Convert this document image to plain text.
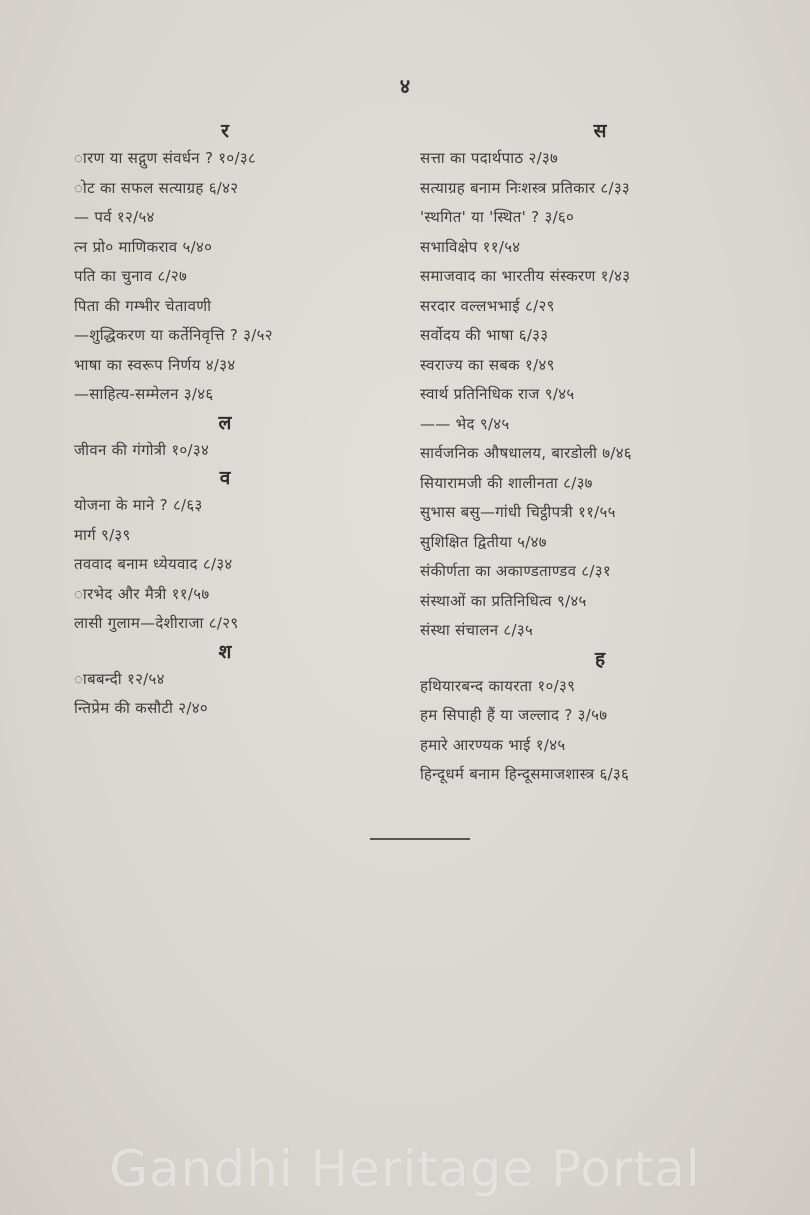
४
र
ारण या सद्गुण संवर्धन ? १०/३८
ोट का सफल सत्याग्रह ६/४२
— पर्व १२/५४
त्न प्रो० माणिकराव ५/४०
पति का चुनाव ८/२७
पिता की गम्भीर चेतावणी
—शुद्धिकरण या कर्तेनिवृत्ति ? ३/५२
भाषा का स्वरूप निर्णय ४/३४
—साहित्य-सम्मेलन ३/४६
ल
जीवन की गंगोत्री १०/३४
व
योजना के माने ? ८/६३
मार्ग ९/३९
तववाद बनाम ध्येयवाद ८/३४
ारभेद और मैत्री ११/५७
लासी गुलाम—देशीराजा ८/२९
श
ाबबन्दी १२/५४
न्तिप्रेम की कसौटी २/४०
स
सत्ता का पदार्थपाठ २/३७
सत्याग्रह बनाम निःशस्त्र प्रतिकार ८/३३
'स्थगित' या 'स्थित' ? ३/६०
सभाविक्षेप ११/५४
समाजवाद का भारतीय संस्करण १/४३
सरदार वल्लभभाई ८/२९
सर्वोदय की भाषा ६/३३
स्वराज्य का सबक १/४९
स्वार्थ प्रतिनिधिक राज ९/४५
—— भेद ९/४५
सार्वजनिक औषधालय, बारडोली ७/४६
सियारामजी की शालीनता ८/३७
सुभास बसु—गांधी चिट्ठीपत्री ११/५५
सुशिक्षित द्वितीया ५/४७
संकीर्णता का अकाण्डताण्डव ८/३१
संस्थाओं का प्रतिनिधित्व ९/४५
संस्था संचालन ८/३५
ह
हथियारबन्द कायरता १०/३९
हम सिपाही हैं या जल्लाद ? ३/५७
हमारे आरण्यक भाई १/४५
हिन्दूधर्म बनाम हिन्दूसमाजशास्त्र ६/३६
Gandhi Heritage Portal
